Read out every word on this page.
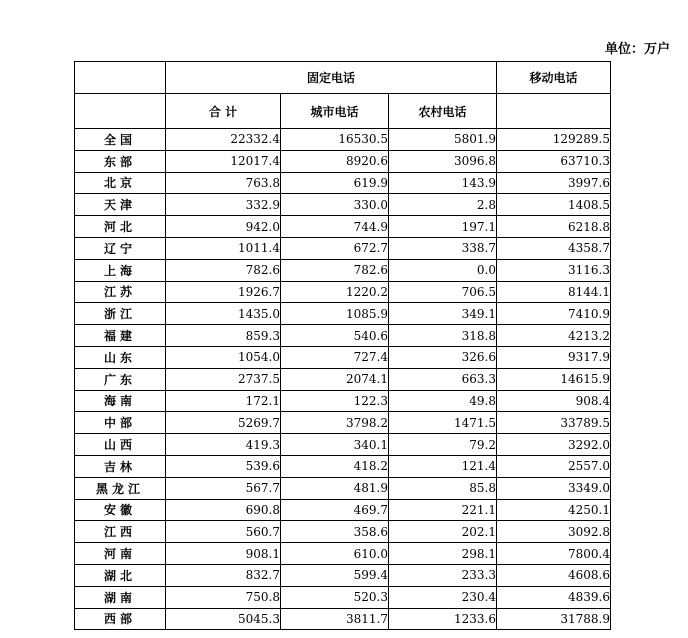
单位：万户
	固定电话			移动电话
	合 计	城市电话	农村电话	
全国	22332.4	16530.5	5801.9	129289.5
东部	12017.4	8920.6	3096.8	63710.3
北京	763.8	619.9	143.9	3997.6
天津	332.9	330.0	2.8	1408.5
河北	942.0	744.9	197.1	6218.8
辽宁	1011.4	672.7	338.7	4358.7
上海	782.6	782.6	0.0	3116.3
江苏	1926.7	1220.2	706.5	8144.1
浙江	1435.0	1085.9	349.1	7410.9
福建	859.3	540.6	318.8	4213.2
山东	1054.0	727.4	326.6	9317.9
广东	2737.5	2074.1	663.3	14615.9
海南	172.1	122.3	49.8	908.4
中部	5269.7	3798.2	1471.5	33789.5
山西	419.3	340.1	79.2	3292.0
吉林	539.6	418.2	121.4	2557.0
黑龙江	567.7	481.9	85.8	3349.0
安徽	690.8	469.7	221.1	4250.1
江西	560.7	358.6	202.1	3092.8
河南	908.1	610.0	298.1	7800.4
湖北	832.7	599.4	233.3	4608.6
湖南	750.8	520.3	230.4	4839.6
西部	5045.3	3811.7	1233.6	31788.9
